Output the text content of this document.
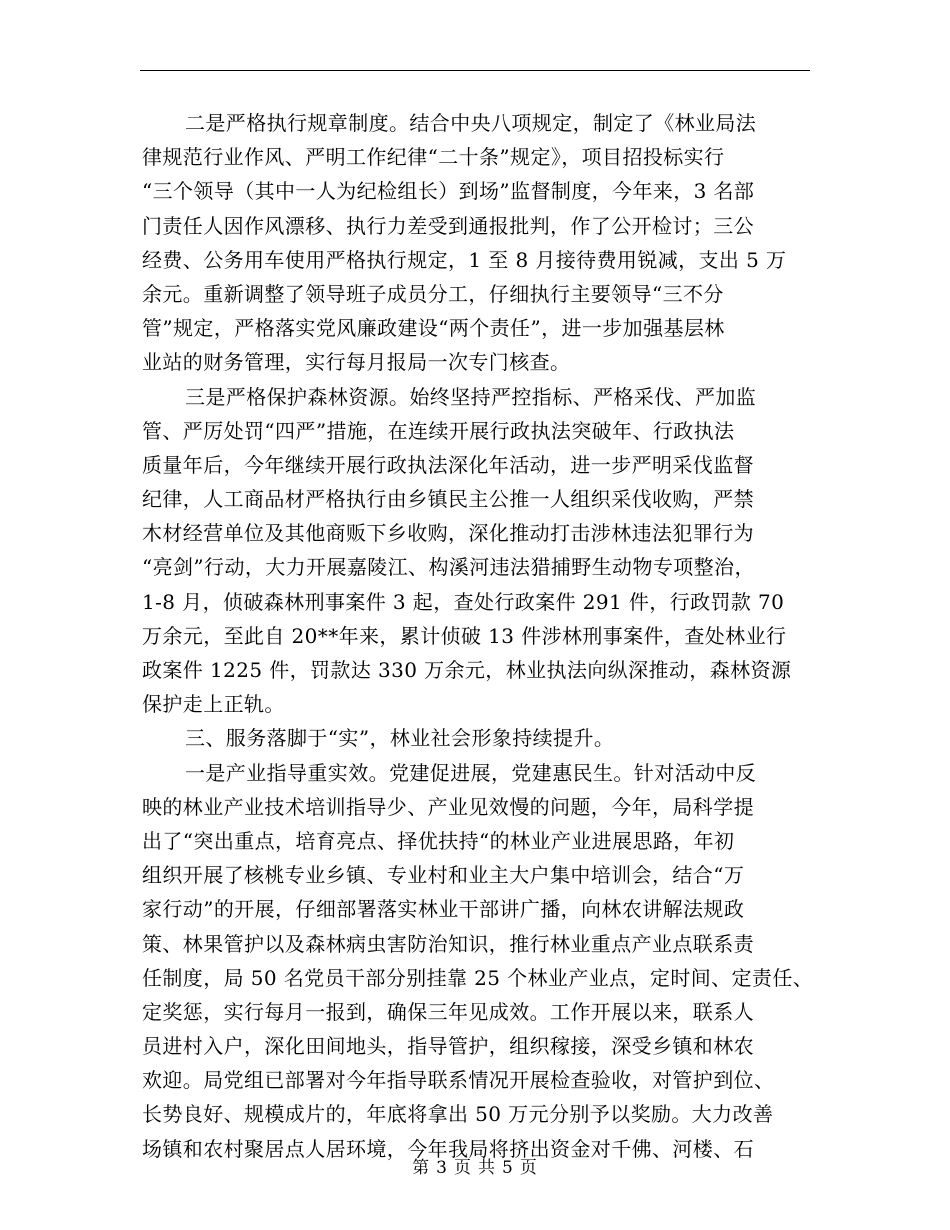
二是严格执行规章制度。结合中央八项规定，制定了《林业局法
律规范行业作风、严明工作纪律“二十条”规定》，项目招投标实行
“三个领导（其中一人为纪检组长）到场”监督制度，今年来，3 名部
门责任人因作风漂移、执行力差受到通报批判，作了公开检讨；三公
经费、公务用车使用严格执行规定，1 至 8 月接待费用锐减，支出 5 万
余元。重新调整了领导班子成员分工，仔细执行主要领导“三不分
管”规定，严格落实党风廉政建设“两个责任”，进一步加强基层林
业站的财务管理，实行每月报局一次专门核查。
三是严格保护森林资源。始终坚持严控指标、严格采伐、严加监
管、严厉处罚“四严”措施，在连续开展行政执法突破年、行政执法
质量年后，今年继续开展行政执法深化年活动，进一步严明采伐监督
纪律，人工商品材严格执行由乡镇民主公推一人组织采伐收购，严禁
木材经营单位及其他商贩下乡收购，深化推动打击涉林违法犯罪行为
“亮剑”行动，大力开展嘉陵江、构溪河违法猎捕野生动物专项整治，
1-8 月，侦破森林刑事案件 3 起，查处行政案件 291 件，行政罚款 70
万余元，至此自 20**年来，累计侦破 13 件涉林刑事案件，查处林业行
政案件 1225 件，罚款达 330 万余元，林业执法向纵深推动，森林资源
保护走上正轨。
三、服务落脚于“实”，林业社会形象持续提升。
一是产业指导重实效。党建促进展，党建惠民生。针对活动中反
映的林业产业技术培训指导少、产业见效慢的问题，今年，局科学提
出了“突出重点，培育亮点、择优扶持“的林业产业进展思路，年初
组织开展了核桃专业乡镇、专业村和业主大户集中培训会，结合“万
家行动”的开展，仔细部署落实林业干部讲广播，向林农讲解法规政
策、林果管护以及森林病虫害防治知识，推行林业重点产业点联系责
任制度，局 50 名党员干部分别挂靠 25 个林业产业点，定时间、定责任、
定奖惩，实行每月一报到，确保三年见成效。工作开展以来，联系人
员进村入户，深化田间地头，指导管护，组织稼接，深受乡镇和林农
欢迎。局党组已部署对今年指导联系情况开展检查验收，对管护到位、
长势良好、规模成片的，年底将拿出 50 万元分别予以奖励。大力改善
场镇和农村聚居点人居环境，今年我局将挤出资金对千佛、河楼、石
第 3 页 共 5 页
